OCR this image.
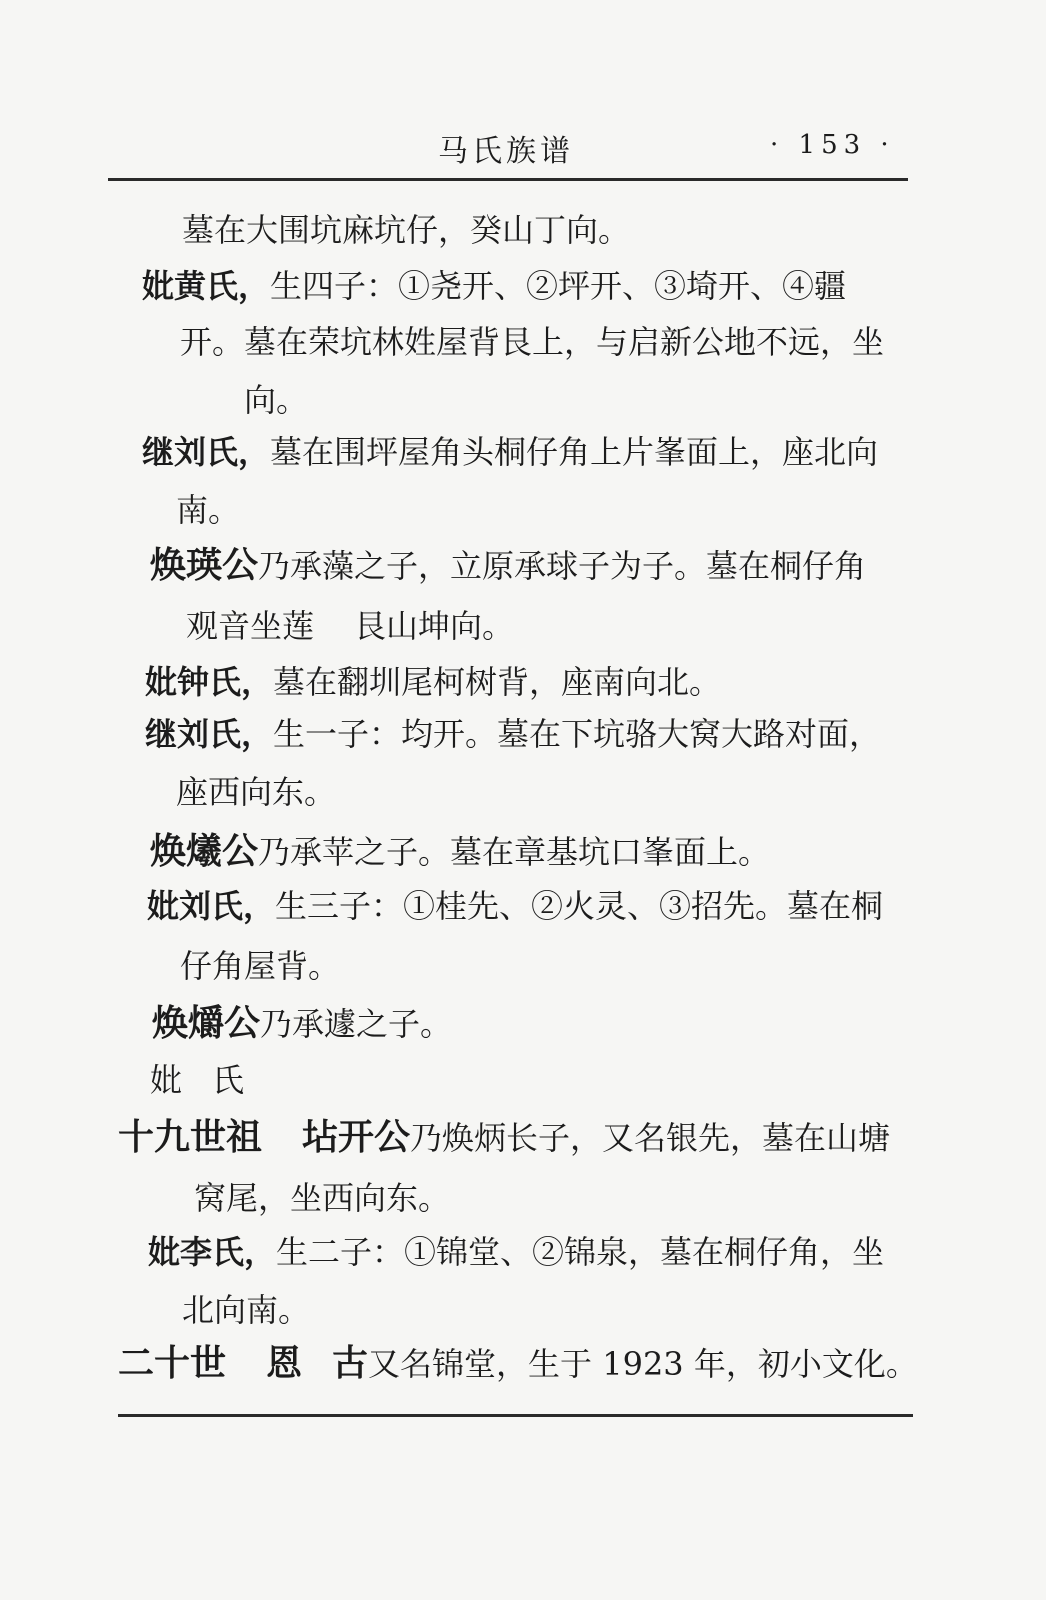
马氏族谱	· 153 ·
墓在大围坑麻坑仔，癸山丁向。
妣黄氏，生四子：①尧开、②坪开、③埼开、④疆
开。墓在荣坑林姓屋背艮上，与启新公地不远，坐
向。
继刘氏，墓在围坪屋角头桐仔角上片峯面上，座北向
南。
焕瑛公乃承藻之子，立原承球子为子。墓在桐仔角
观音坐莲 艮山坤向。
妣钟氏，墓在翻圳尾柯树背，座南向北。
继刘氏，生一子：均开。墓在下坑骆大窝大路对面，
座西向东。
焕爔公乃承苹之子。墓在章基坑口峯面上。
妣刘氏，生三子：①桂先、②火灵、③招先。墓在桐
仔角屋背。
焕爝公乃承遽之子。
妣 氏
十九世祖 坫开公乃焕炳长子，又名银先，墓在山塘
窝尾，坐西向东。
妣李氏，生二子：①锦堂、②锦泉，墓在桐仔角，坐
北向南。
二十世 恩 古又名锦堂，生于 1923 年，初小文化。
